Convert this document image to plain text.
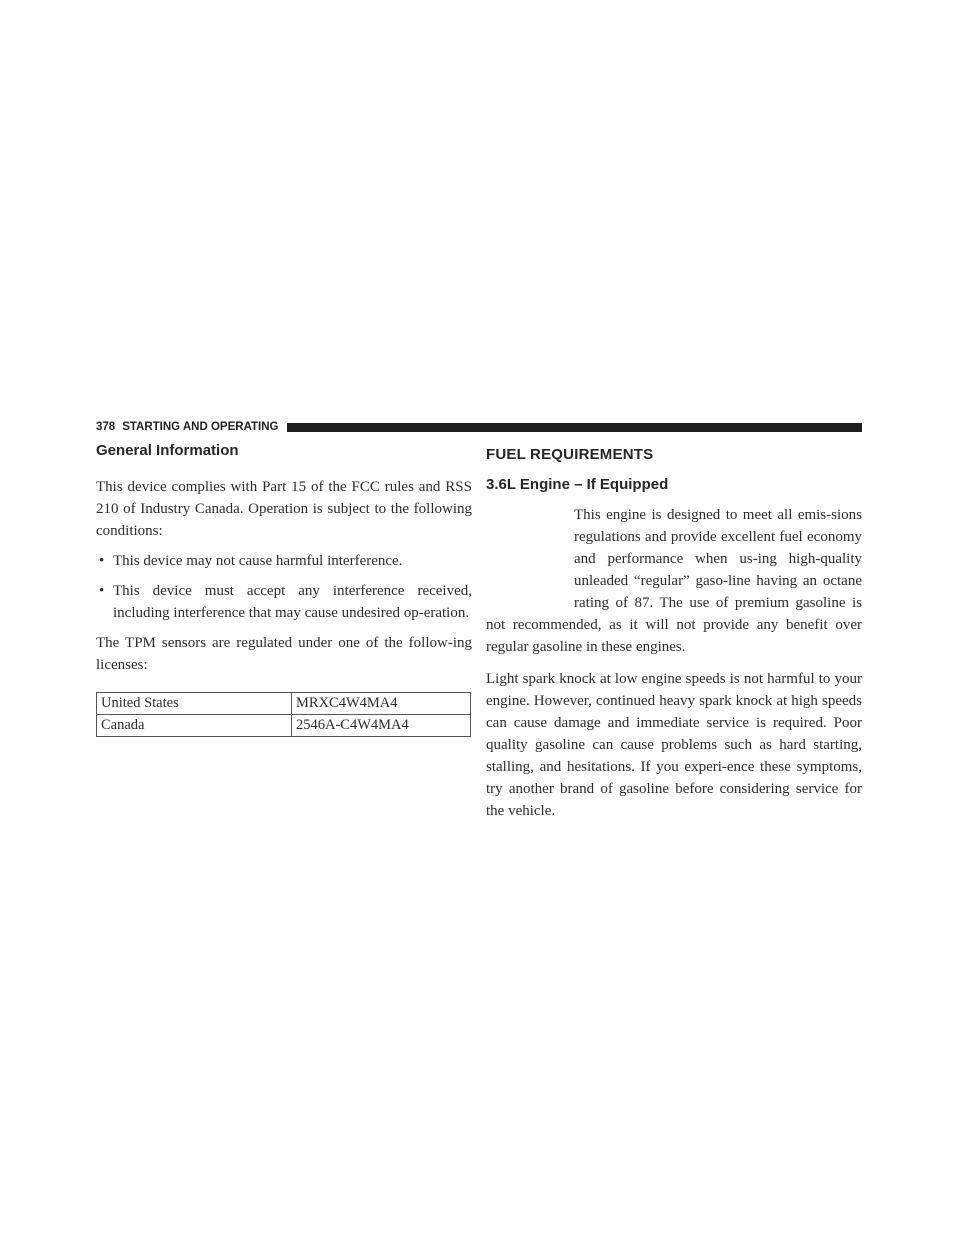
378 STARTING AND OPERATING
General Information

This device complies with Part 15 of the FCC rules and RSS 210 of Industry Canada. Operation is subject to the following conditions:

• This device may not cause harmful interference.
• This device must accept any interference received, including interference that may cause undesired op-eration.

The TPM sensors are regulated under one of the follow-ing licenses:

United States	MRXC4W4MA4
Canada	2546A-C4W4MA4
FUEL REQUIREMENTS
3.6L Engine – If Equipped

This engine is designed to meet all emis-sions regulations and provide excellent fuel economy and performance when us-ing high-quality unleaded “regular” gaso-line having an octane rating of 87. The use of premium gasoline is not recommended, as it will not provide any benefit over regular gasoline in these engines.

Light spark knock at low engine speeds is not harmful to your engine. However, continued heavy spark knock at high speeds can cause damage and immediate service is required. Poor quality gasoline can cause problems such as hard starting, stalling, and hesitations. If you experi-ence these symptoms, try another brand of gasoline before considering service for the vehicle.
